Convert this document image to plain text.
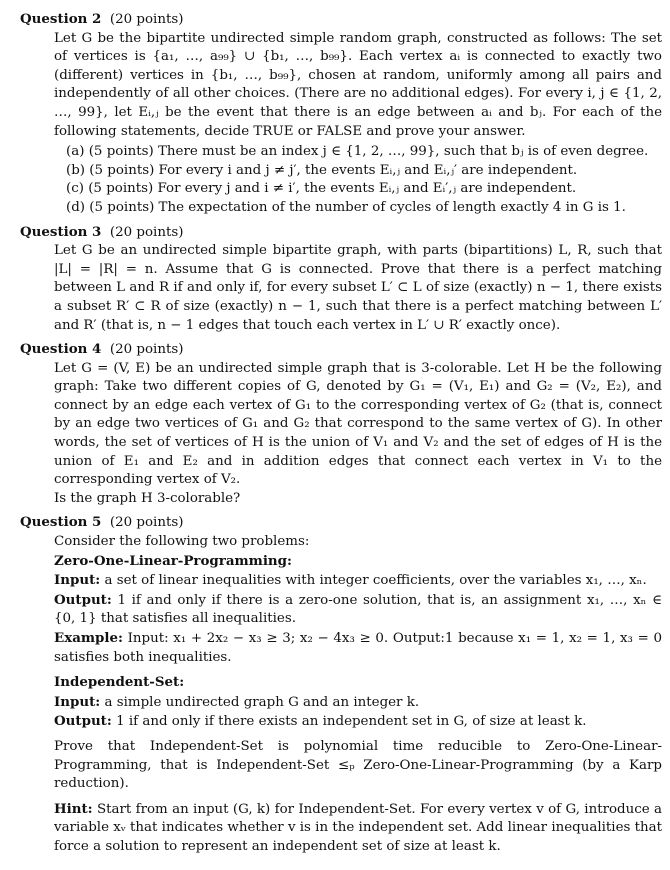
Question 2 (20 points)

Let G be the bipartite undirected simple random graph, constructed as follows: The set of vertices is {a₁, …, a₉₉} ∪ {b₁, …, b₉₉}. Each vertex aᵢ is connected to exactly two (different) vertices in {b₁, …, b₉₉}, chosen at random, uniformly among all pairs and independently of all other choices. (There are no additional edges). For every i, j ∈ {1, 2, …, 99}, let Eᵢ,ⱼ be the event that there is an edge between aᵢ and bⱼ. For each of the following statements, decide TRUE or FALSE and prove your answer.

(a) (5 points) There must be an index j ∈ {1, 2, …, 99}, such that bⱼ is of even degree.
(b) (5 points) For every i and j ≠ j′, the events Eᵢ,ⱼ and Eᵢ,ⱼ′ are independent.
(c) (5 points) For every j and i ≠ i′, the events Eᵢ,ⱼ and Eᵢ′,ⱼ are independent.
(d) (5 points) The expectation of the number of cycles of length exactly 4 in G is 1.

Question 3 (20 points)

Let G be an undirected simple bipartite graph, with parts (bipartitions) L, R, such that |L| = |R| = n. Assume that G is connected. Prove that there is a perfect matching between L and R if and only if, for every subset L′ ⊂ L of size (exactly) n − 1, there exists a subset R′ ⊂ R of size (exactly) n − 1, such that there is a perfect matching between L′ and R′ (that is, n − 1 edges that touch each vertex in L′ ∪ R′ exactly once).

Question 4 (20 points)

Let G = (V, E) be an undirected simple graph that is 3-colorable. Let H be the following graph: Take two different copies of G, denoted by G₁ = (V₁, E₁) and G₂ = (V₂, E₂), and connect by an edge each vertex of G₁ to the corresponding vertex of G₂ (that is, connect by an edge two vertices of G₁ and G₂ that correspond to the same vertex of G). In other words, the set of vertices of H is the union of V₁ and V₂ and the set of edges of H is the union of E₁ and E₂ and in addition edges that connect each vertex in V₁ to the corresponding vertex of V₂.

Is the graph H 3-colorable?

Question 5 (20 points)

Consider the following two problems:

Zero-One-Linear-Programming:

Input: a set of linear inequalities with integer coefficients, over the variables x₁, …, xₙ.

Output: 1 if and only if there is a zero-one solution, that is, an assignment x₁, …, xₙ ∈ {0, 1} that satisfies all inequalities.

Example: Input: x₁ + 2x₂ − x₃ ≥ 3; x₂ − 4x₃ ≥ 0. Output:1 because x₁ = 1, x₂ = 1, x₃ = 0 satisfies both inequalities.

Independent-Set:

Input: a simple undirected graph G and an integer k.

Output: 1 if and only if there exists an independent set in G, of size at least k.

Prove that Independent-Set is polynomial time reducible to Zero-One-Linear-Programming, that is Independent-Set ≤ₚ Zero-One-Linear-Programming (by a Karp reduction).

Hint: Start from an input (G, k) for Independent-Set. For every vertex v of G, introduce a variable xᵥ that indicates whether v is in the independent set. Add linear inequalities that force a solution to represent an independent set of size at least k.
